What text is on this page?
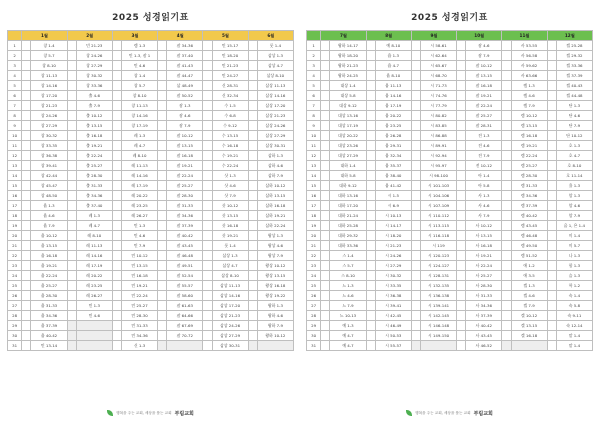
2025 성경읽기표
	1월		2월		3월		4월		5월		6월	
1		창 1-4		민 21-23		렘 1-3		잠 34-36		민 15-17		룻 1-4
2		창 5-7		창 24-26		민 1-3, 잠 1		잠 37-40		민 18-20		삼상 1-3
3		창 8-10		창 27-29		민 4-6		잠 41-43		민 21-23		삼상 4-7
4		창 11-13		창 30-32		창 1-4		잠 44-47		민 24-27		삼상 8-10
5		창 14-16		창 33-36		창 5-7		삼 48-49		신 28-31		삼상 11-13
6		창 17-20		출 4-6		창 8-10		잠 50-52		신 32-34		삼상 14-16
7		창 21-23		출 7-9		창 11-13		잠 1-3		수 1-5		삼상 17-20
8		창 24-26		출 10-12		창 14-16		잠 4-6		수 6-8		삼상 21-23
9		창 27-29		출 13-15		창 17-19		잠 7-9		수 9-12		삼상 24-26
10		창 30-32		출 16-18		레 1-3		잠 10-12		수 13-15		삼상 27-29
11		창 33-35		출 19-21		레 4-7		잠 13-15		수 16-18		삼상 30-31
12		창 36-38		출 22-24		레 8-10		잠 16-18		수 19-21		삼하 1-3
13		창 39-41		출 25-27		레 11-13		잠 19-21		수 22-24		삼하 4-6
14		창 42-44		출 28-30		레 14-16		잠 22-24		삿 1-3		삼하 7-9
15		창 45-47		출 31-33		레 17-19		잠 25-27		삿 4-6		삼하 10-12
16		창 48-50		출 34-36		레 20-22		잠 28-30		삿 7-9		삼하 13-15
17		욥 1-3		출 37-40		레 23-25		잠 31-33		삿 10-12		삼하 16-18
18		욥 4-6		레 1-3		레 26-27		잠 34-36		삿 13-15		삼하 19-21
19		욥 7-9		레 4-7		민 1-3		잠 37-39		삿 16-18		삼하 22-24
20		욥 10-12		레 8-10		민 4-6		잠 40-42		삿 19-21		왕상 1-3
21		욥 13-15		레 11-13		민 7-9		잠 43-45		룻 1-4		왕상 4-6
22		욥 16-18		레 14-16		민 10-12		잠 46-48		삼상 1-3		왕상 7-9
23		욥 19-21		레 17-19		민 13-15		잠 49-51		삼상 4-7		왕상 10-12
24		욥 22-24		레 20-22		민 16-18		잠 52-54		삼상 8-10		왕상 13-15
25		욥 25-27		레 23-25		민 19-21		잠 55-57		삼상 11-13		왕상 16-18
26		욥 28-30		레 26-27		민 22-24		잠 58-60		삼상 14-16		왕상 19-22
27		욥 31-33		민 1-3		민 25-27		잠 61-63		삼상 17-20		왕하 1-3
28		욥 34-36		민 4-6		민 28-30		잠 64-66		삼상 21-23		왕하 4-6
29		욥 37-39				민 31-33		잠 67-69		삼상 24-26		왕하 7-9
30		욥 40-42				민 34-36		잠 70-72		삼상 27-29		왕하 10-12
31		민 13-14				신 1-3				삼상 30-31		
행복을 주는 교회, 세상을 품는 교회 부림교회
2025 성경읽기표
	7월		8월		9월		10월		11월		12월	
1		왕하 14-17		예 8-10		시 58-61		잠 4-6		사 53-55		겔 25-28
2		왕하 18-20		욥 1-3		시 62-64		잠 7-9		사 56-58		겔 29-32
3		왕하 21-23		욥 4-7		시 65-67		잠 10-12		사 59-62		겔 33-36
4		왕하 24-25		욥 8-10		시 68-70		잠 13-15		사 63-66		겔 37-39
5		대상 1-4		욥 11-13		시 71-73		잠 16-18		렘 1-3		겔 40-43
6		대상 5-8		욥 14-16		시 74-76		잠 19-21		렘 4-6		겔 44-48
7		대상 9-12		욥 17-19		시 77-79		잠 22-24		렘 7-9		단 1-3
8		대상 13-16		욥 20-22		시 80-82		잠 25-27		렘 10-12		단 4-6
9		대상 17-19		욥 23-25		시 83-85		잠 28-31		렘 13-15		단 7-9
10		대상 20-22		욥 26-28		시 86-88		전 1-3		렘 16-18		단 10-12
11		대상 23-26		욥 29-31		시 89-91		전 4-6		렘 19-21		호 1-3
12		대상 27-29		욥 32-34		시 92-94		전 7-9		렘 22-24		호 4-7
13		대하 1-4		욥 35-37		시 95-97		전 10-12		렘 25-27		호 8-10
14		대하 5-8		욥 38-40		시 98-100		아 1-4		렘 28-30		호 11-14
15		대하 9-12		욥 41-42		시 101-103		아 5-8		렘 31-33		욜 1-3
16		대하 13-16		시 1-5		시 104-106		사 1-3		렘 34-36		암 1-3
17		대하 17-20		시 6-9		시 107-109		사 4-6		렘 37-39		암 4-6
18		대하 21-24		시 10-13		시 110-112		사 7-9		렘 40-42		암 7-9
19		대하 25-28		시 14-17		시 113-115		사 10-12		렘 43-45		옵 1, 욘 1-4
20		대하 29-32		시 18-20		시 116-118		사 13-15		렘 46-48		미 1-4
21		대하 33-36		시 21-23		시 119		사 16-18		렘 49-50		미 5-7
22		스 1-4		시 24-26		시 120-123		사 19-21		렘 51-52		나 1-3
23		스 5-7		시 27-29		시 124-127		사 22-24		애 1-2		합 1-3
24		스 8-10		시 30-32		시 128-131		사 25-27		애 3-5		습 1-3
25		느 1-3		시 33-35		시 132-135		사 28-30		겔 1-3		학 1-2
26		느 4-6		시 36-38		시 136-138		사 31-33		겔 4-6		슥 1-4
27		느 7-9		시 39-41		시 139-141		사 34-36		겔 7-9		슥 5-8
28		느 10-13		시 42-45		시 142-145		사 37-39		겔 10-12		슥 9-11
29		예 1-3		시 46-49		시 146-148		사 40-42		겔 13-15		슥 12-14
30		예 4-7		시 50-53		시 149-150		사 43-45		겔 16-18		말 1-4
31		예 4-7		시 55-57				사 46-52				말 1-4
행복을 주는 교회, 세상을 품는 교회 부림교회
